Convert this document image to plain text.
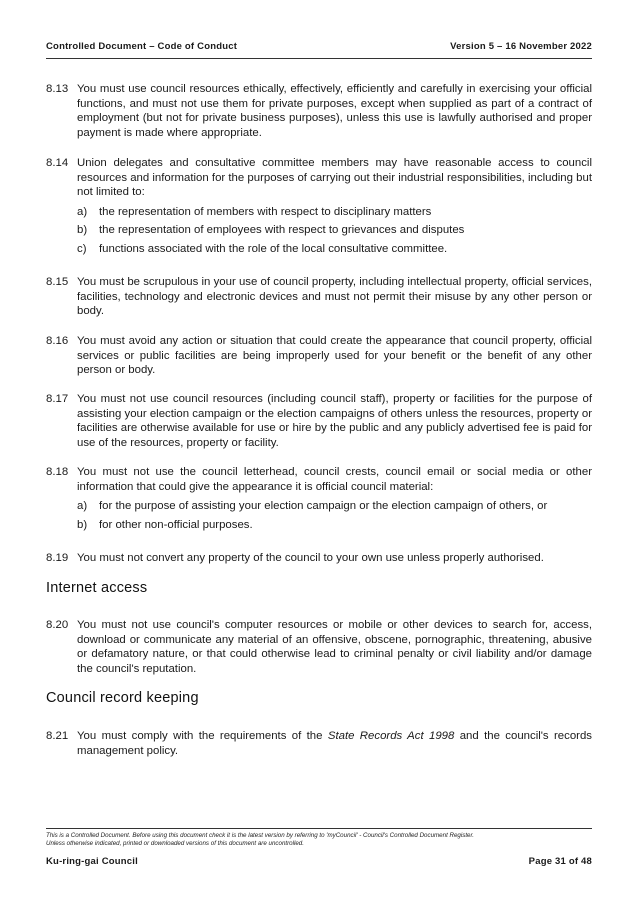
Controlled Document – Code of Conduct	Version 5 – 16 November 2022
8.13 You must use council resources ethically, effectively, efficiently and carefully in exercising your official functions, and must not use them for private purposes, except when supplied as part of a contract of employment (but not for private business purposes), unless this use is lawfully authorised and proper payment is made where appropriate.
8.14 Union delegates and consultative committee members may have reasonable access to council resources and information for the purposes of carrying out their industrial responsibilities, including but not limited to:
a) the representation of members with respect to disciplinary matters
b) the representation of employees with respect to grievances and disputes
c) functions associated with the role of the local consultative committee.
8.15 You must be scrupulous in your use of council property, including intellectual property, official services, facilities, technology and electronic devices and must not permit their misuse by any other person or body.
8.16 You must avoid any action or situation that could create the appearance that council property, official services or public facilities are being improperly used for your benefit or the benefit of any other person or body.
8.17 You must not use council resources (including council staff), property or facilities for the purpose of assisting your election campaign or the election campaigns of others unless the resources, property or facilities are otherwise available for use or hire by the public and any publicly advertised fee is paid for use of the resources, property or facility.
8.18 You must not use the council letterhead, council crests, council email or social media or other information that could give the appearance it is official council material:
a) for the purpose of assisting your election campaign or the election campaign of others, or
b) for other non-official purposes.
8.19 You must not convert any property of the council to your own use unless properly authorised.
Internet access
8.20 You must not use council's computer resources or mobile or other devices to search for, access, download or communicate any material of an offensive, obscene, pornographic, threatening, abusive or defamatory nature, or that could otherwise lead to criminal penalty or civil liability and/or damage the council's reputation.
Council record keeping
8.21 You must comply with the requirements of the State Records Act 1998 and the council's records management policy.
This is a Controlled Document. Before using this document check it is the latest version by referring to 'myCouncil' - Council's Controlled Document Register.
Unless otherwise indicated, printed or downloaded versions of this document are uncontrolled.
Ku-ring-gai Council	Page 31 of 48
